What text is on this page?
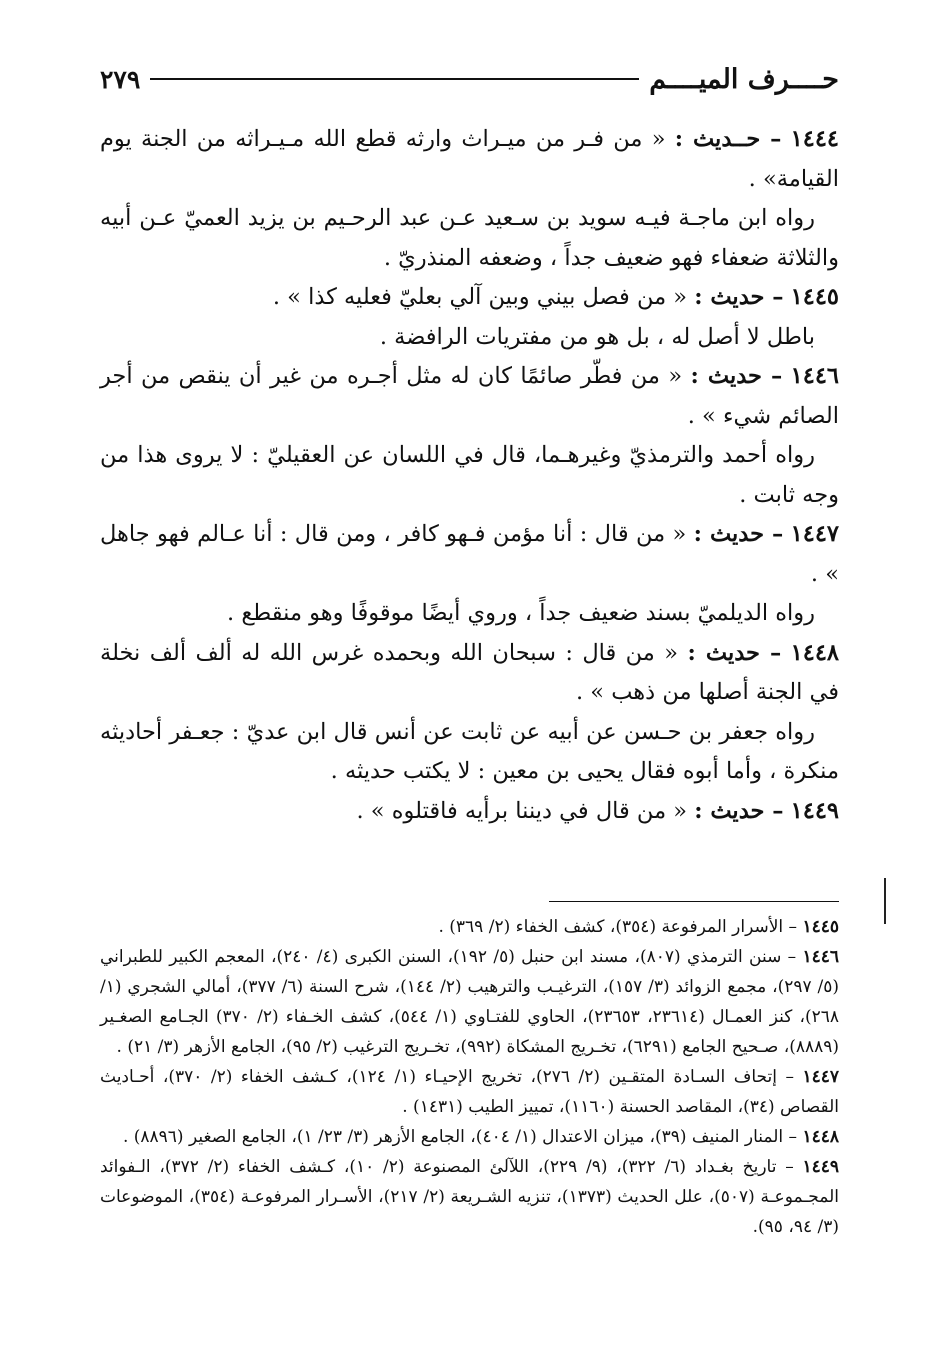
حــــرف الميــــم
٢٧٩

١٤٤٤ – حــديث : « من فـر من ميـراث وارثه قطع الله مـيـراثه من الجنة يوم القيامة» .

رواه ابن ماجـة فيـه سويد بن سـعيد عـن عبد الرحـيم بن يزيد العميّ عـن أبيه والثلاثة ضعفاء فهو ضعيف جداً ، وضعفه المنذريّ .

١٤٤٥ – حديث : « من فصل بيني وبين آلي بعليّ فعليه كذا » .

باطل لا أصل له ، بل هو من مفتريات الرافضة .

١٤٤٦ – حديث : « من فطّر صائمًا كان له مثل أجـره من غير أن ينقص من أجر الصائم شيء » .

رواه أحمد والترمذيّ وغيرهـما، قال في اللسان عن العقيليّ : لا يروى هذا من وجه ثابت .

١٤٤٧ – حديث : « من قال : أنا مؤمن فـهو كافر ، ومن قال : أنا عـالم فهو جاهل » .

رواه الديلميّ بسند ضعيف جداً ، وروي أيضًا موقوفًا وهو منقطع .

١٤٤٨ – حديث : « من قال : سبحان الله وبحمده غرس الله له ألف ألف نخلة في الجنة أصلها من ذهب » .

رواه جعفر بن حـسن عن أبيه عن ثابت عن أنس قال ابن عديّ : جعـفر أحاديثه منكرة ، وأما أبوه فقال يحيى بن معين : لا يكتب حديثه .

١٤٤٩ – حديث : « من قال في ديننا برأيه فاقتلوه » .

١٤٤٥ – الأسرار المرفوعة (٣٥٤)، كشف الخفاء (٢/ ٣٦٩) .

١٤٤٦ – سنن الترمذي (٨٠٧)، مسند ابن حنبل (٥/ ١٩٢)، السنن الكبرى (٤/ ٢٤٠)، المعجم الكبير للطبراني (٥/ ٢٩٧)، مجمع الزوائد (٣/ ١٥٧)، الترغيـب والترهيب (٢/ ١٤٤)، شرح السنة (٦/ ٣٧٧)، أمالي الشجري (١/ ٢٦٨)، كنز العمـال (٢٣٦١٤، ٢٣٦٥٣)، الحاوي للفتـاوي (١/ ٥٤٤)، كشف الخـفاء (٢/ ٣٧٠) الجـامع الصغـير (٨٨٨٩)، صـحيح الجامع (٦٢٩١)، تخـريج المشكاة (٩٩٢)، تخـريج الترغيب (٢/ ٩٥)، الجامع الأزهر (٣/ ٢١) .

١٤٤٧ – إتحاف السـادة المتقـين (٢/ ٢٧٦)، تخريج الإحيـاء (١/ ١٢٤)، كـشف الخفاء (٢/ ٣٧٠)، أحـاديث القصاص (٣٤)، المقاصد الحسنة (١١٦٠)، تمييز الطيب (١٤٣١) .

١٤٤٨ – المنار المنيف (٣٩)، ميزان الاعتدال (١/ ٤٠٤)، الجامع الأزهر (٣/ ٢٣/ ١)، الجامع الصغير (٨٨٩٦) .

١٤٤٩ – تاريخ بغـداد (٦/ ٣٢٢)، (٩/ ٢٢٩)، اللآلئ المصنوعة (٢/ ١٠)، كـشف الخفاء (٢/ ٣٧٢)، الـفوائد المجـموعـة (٥٠٧)، علل الحديث (١٣٧٣)، تنزيه الشـريعة (٢/ ٢١٧)، الأسـرار المرفوعـة (٣٥٤)، الموضوعات (٣/ ٩٤، ٩٥).
